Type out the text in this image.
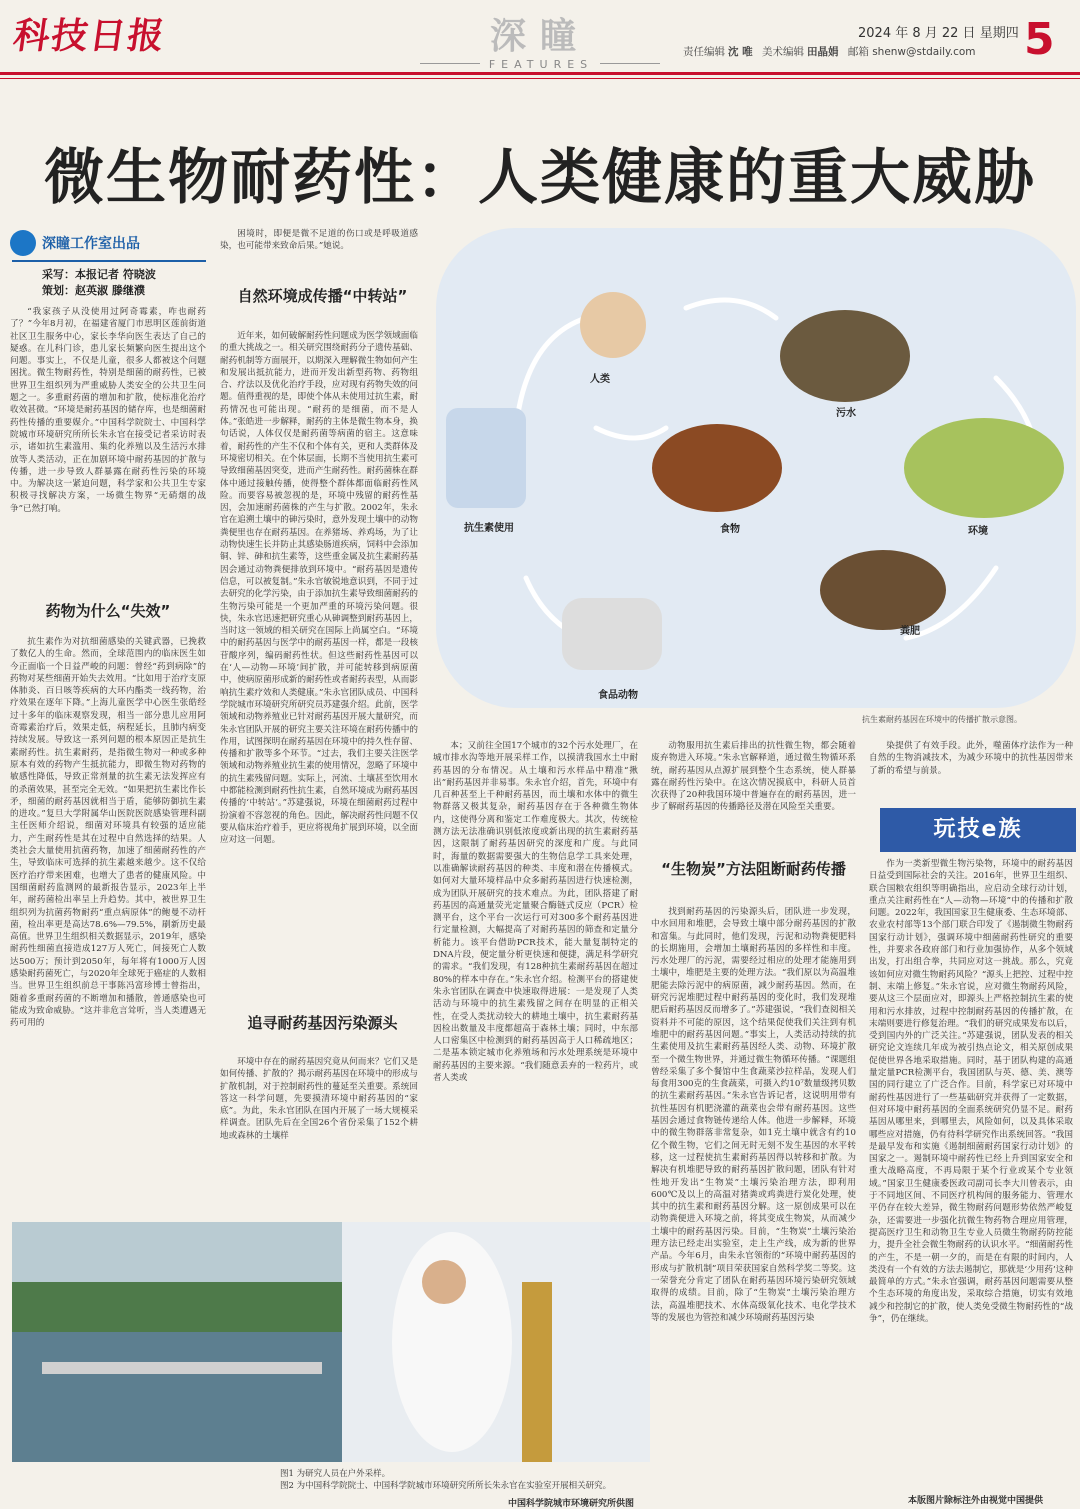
科技日报	深瞳
FEATURES
2024 年 8 月 22 日 星期四
责任编辑 沈 唯 美术编辑 田晶娟 邮箱 shenw@stdaily.com 5
微生物耐药性：人类健康的重大威胁
深瞳工作室出品
采写：本报记者 符晓波
策划：赵英淑 滕继濮
“我家孩子从没使用过阿奇霉素，咋也耐药了？”今年8月初，在福建省厦门市思明区莲前街道社区卫生服务中心，家长李华向医生表达了自己的疑惑。在儿科门诊，患儿家长频繁向医生提出这个问题。事实上，不仅是儿童，很多人都被这个问题困扰。微生物耐药性，特别是细菌的耐药性，已被世界卫生组织列为严重威胁人类安全的公共卫生问题之一。多重耐药菌的增加和扩散，使标准化治疗收效甚微。“环境是耐药基因的储存库，也是细菌耐药性传播的重要媒介。”中国科学院院士、中国科学院城市环境研究所所长朱永官在接受记者采访时表示，诸如抗生素滥用、集约化养殖以及生活污水排放等人类活动，正在加剧环境中耐药基因的扩散与传播，进一步导致人群暴露在耐药性污染的环境中。为解决这一紧迫问题，科学家和公共卫生专家积极寻找解决方案，一场微生物界“无硝烟的战争”已然打响。
药物为什么“失效”
抗生素作为对抗细菌感染的关键武器，已挽救了数亿人的生命。然而，全球范围内的临床医生如今正面临一个日益严峻的问题：曾经“药到病除”的药物对某些细菌开始失去效用。“比如用于治疗支原体肺炎、百日咳等疾病的大环内酯类一线药物，治疗效果在逐年下降。”上海儿童医学中心医生张皓经过十多年的临床观察发现，相当一部分患儿应用阿奇霉素治疗后，效果走低，病程延长，且肺内病变持续发展。导致这一系列问题的根本原因正是抗生素耐药性。抗生素耐药，是指微生物对一种或多种原本有效的药物产生抵抗能力，即微生物对药物的敏感性降低，导致正常剂量的抗生素无法发挥应有的杀菌效果，甚至完全无效。“如果把抗生素比作长矛，细菌的耐药基因就相当于盾，能够防御抗生素的进攻。”复旦大学附属华山医院医院感染管理科副主任医师介绍说，细菌对环境具有较强的适应能力，产生耐药性是其在过程中自然选择的结果。人类社会大量使用抗菌药物，加速了细菌耐药性的产生，导致临床可选择的抗生素越来越少。这不仅给医疗治疗带来困难，也增大了患者的健康风险。中国细菌耐药监测网的最新报告显示，2023年上半年，耐药菌检出率呈上升趋势。其中，被世界卫生组织列为抗菌药物耐药“重点病原体”的鲍曼不动杆菌，检出率更是高达78.6%—79.5%，刷新历史最高值。世界卫生组织相关数据显示，2019年，感染耐药性细菌直接造成127万人死亡，间接死亡人数达500万；预计到2050年，每年将有1000万人因感染耐药菌死亡，与2020年全球死于癌症的人数相当。世界卫生组织前总干事陈冯富珍博士曾指出，随着多重耐药菌的不断增加和播散，普通感染也可能成为致命威胁。“这并非危言耸听，当人类遭遇无药可用的
困境时，即便是微不足道的伤口或是呼吸道感染，也可能带来致命后果。”她说。
自然环境成传播“中转站”
近年来，如何破解耐药性问题成为医学领域面临的重大挑战之一。相关研究围绕耐药分子遗传基础、耐药机制等方面展开，以期深入理解微生物如何产生和发展出抵抗能力，进而开发出新型药物、药物组合、疗法以及优化治疗手段，应对现有药物失效的问题。值得重视的是，即使个体从未使用过抗生素，耐药情况也可能出现。“耐药的是细菌，而不是人体。”张皓进一步解释，耐药的主体是微生物本身，换句话说，人体仅仅是耐药菌等病菌的宿主。这意味着，耐药性的产生不仅和个体有关，更和人类群体及环境密切相关。在个体层面，长期不当使用抗生素可导致细菌基因突变，进而产生耐药性。耐药菌株在群体中通过接触传播，使得整个群体都面临耐药性风险。而要容易被忽视的是，环境中残留的耐药性基因，会加速耐药菌株的产生与扩散。2002年，朱永官在追溯土壤中的砷污染时，意外发现土壤中的动物粪便里也存在耐药基因。在养猪场、养鸡场，为了让动物快速生长并防止其感染肠道疾病，饲料中会添加铜、锌、砷和抗生素等，这些重金属及抗生素耐药基因会通过动物粪便排放到环境中。“耐药基因是遗传信息，可以被复制。”朱永官敏锐地意识到，不同于过去研究的化学污染，由于添加抗生素导致细菌耐药的生物污染可能是一个更加严重的环境污染问题。很快，朱永官迅速把研究重心从砷调整到耐药基因上，当时这一领域的相关研究在国际上尚属空白。“环境中的耐药基因与医学中的耐药基因一样，都是一段核苷酸序列，编码耐药性状。但这些耐药性基因可以在‘人—动物—环境’间扩散，并可能转移到病原菌中，使病原菌形成新的耐药性或者耐药表型，从而影响抗生素疗效和人类健康。”朱永官团队成员、中国科学院城市环境研究所研究员苏建强介绍。此前，医学领域和动物养殖业已针对耐药基因开展大量研究，而朱永官团队开展的研究主要关注环境在耐药传播中的作用，试图探明在耐药基因在环境中的持久性存留、传播和扩散等多个环节。“过去，我们主要关注医学领域和动物养殖业抗生素的使用情况，忽略了环境中的抗生素残留问题。实际上，河流、土壤甚至饮用水中都能检测到耐药性抗生素，自然环境成为耐药基因传播的‘中转站’。”苏建强说，环境在细菌耐药过程中扮演着不容忽视的角色。因此，解决耐药性问题不仅要从临床治疗着手，更应将视角扩展到环境，以全面应对这一问题。
追寻耐药基因污染源头
环境中存在的耐药基因究竟从何而来？它们又是如何传播、扩散的？揭示耐药基因在环境中的形成与扩散机制，对于控制耐药性的蔓延至关重要。系统回答这一科学问题，先要摸清环境中耐药基因的“家底”。为此，朱永官团队在国内开展了一场大规模采样调查。团队先后在全国26个省份采集了152个耕地或森林的土壤样
人类
污水
环境
粪肥
食品动物
抗生素使用	食物
抗生素耐药基因在环境中的传播扩散示意图。
本；又前往全国17个城市的32个污水处理厂，在城市排水沟等地开展采样工作，以摸清我国水土中耐药基因的分布情况。从土壤和污水样品中精准“揪出”耐药基因并非易事。朱永官介绍，首先，环境中有几百种甚至上千种耐药基因，而土壤和水体中的微生物群落又极其复杂，耐药基因存在于各种微生物体内，这使得分离和鉴定工作难度极大。其次，传统检测方法无法准确识别低浓度或新出现的抗生素耐药基因，这限制了耐药基因研究的深度和广度。与此同时，海量的数据需要强大的生物信息学工具来处理，以准确解读耐药基因的种类、丰度和潜在传播模式。如何对大量环境样品中众多耐药基因进行快速检测，成为团队开展研究的技术难点。为此，团队搭建了耐药基因的高通量荧光定量聚合酶链式反应（PCR）检测平台，这个平台一次运行可对300多个耐药基因进行定量检测，大幅提高了对耐药基因的筛查和定量分析能力。该平台借助PCR技术，能大量复制特定的DNA片段，便定量分析更快速和便捷，满足科学研究的需求。“我们发现，有128种抗生素耐药基因在超过80%的样本中存在。”朱永官介绍。检测平台的搭建使朱永官团队在调查中快速取得进展：一是发现了人类活动与环境中的抗生素残留之间存在明显的正相关性，在受人类扰动较大的耕地土壤中，抗生素耐药基因检出数量及丰度都超高于森林土壤；同时，中东部人口密集区中检测到的耐药基因高于人口稀疏地区；二是基本锁定城市化养殖场和污水处理系统是环境中耐药基因的主要来源。“我们随意丢弃的一粒药片，或者人类或
动物服用抗生素后排出的抗性微生物，都会随着废弃物进入环境。”朱永官解释道，通过微生物循环系统，耐药基因从点源扩展到整个生态系统，使人群暴露在耐药性污染中。在这次情况摸底中，科研人员首次获得了20种我国环境中普遍存在的耐药基因，进一步了解耐药基因的传播路径及潜在风险至关重要。
“生物炭”方法阻断耐药传播
找到耐药基因的污染源头后，团队进一步发现，中水回用和堆肥，会导致土壤中部分耐药基因的扩散和富集。与此同时，他们发现，污泥和动物粪便肥料的长期施用，会增加土壤耐药基因的多样性和丰度。污水处理厂的污泥，需要经过相应的处理才能施用到土壤中，堆肥是主要的处理方法。“我们原以为高温堆肥能去除污泥中的病原菌，减少耐药基因。然而，在研究污泥堆肥过程中耐药基因的变化时，我们发现堆肥后耐药基因反而增多了。”苏建强说，“我们查阅相关资料并不可能的原因，这个结果促使我们关注到有机堆肥中的耐药基因问题。”事实上，人类活动持续的抗生素使用及抗生素耐药基因经人类、动物、环境扩散至一个微生物世界，并通过微生物循环传播。“课题组曾经采集了多个餐馆中生食蔬菜沙拉样品，发现人们每食用300克的生食蔬菜，可摄入约10⁷数量级拷贝数的抗生素耐药基因。”朱永官告诉记者，这说明用带有抗性基因有机肥浇灌的蔬菜也会带有耐药基因。这些基因会通过食物链传递给人体。他进一步解释，环境中的微生物群落非常复杂，如1克土壤中就含有约10亿个微生物，它们之间无时无刻不发生基因的水平转移，这一过程使抗生素耐药基因得以转移和扩散。为解决有机堆肥导致的耐药基因扩散问题，团队有针对性地开发出“生物炭”土壤污染治理方法，即利用600℃及以上的高温对猪粪或鸡粪进行炭化处理，使其中的抗生素和耐药基因分解。这一原创成果可以在动物粪便进入环境之前，将其变成生物炭，从而减少土壤中的耐药基因污染。目前，“生物炭”土壤污染治理方法已经走出实验室，走上生产线，成为新的世界产品。今年6月，由朱永官领衔的“环境中耐药基因的形成与扩散机制”项目荣获国家自然科学奖二等奖。这一荣誉充分肯定了团队在耐药基因环境污染研究领域取得的成绩。目前，除了“生物炭”土壤污染治理方法，高温堆肥技术、水体高级氧化技术、电化学技术等的发展也为管控和减少环境耐药基因污染
染提供了有效手段。此外，噬菌体疗法作为一种自然的生物消减技术，为减少环境中的抗性基因带来了新的希望与前景。
玩技e族
作为一类新型微生物污染物，环境中的耐药基因日益受到国际社会的关注。2016年，世界卫生组织、联合国粮农组织等明确指出，应启动全球行动计划，重点关注耐药性在“人—动物—环境”中的传播和扩散问题。2022年，我国国家卫生健康委、生态环境部、农业农村部等13个部门联合印发了《遏制微生物耐药国家行动计划》，强调环境中细菌耐药性研究的重要性，并要求各政府部门和行业加强协作，从多个领域出发，打出组合拳，共同应对这一挑战。那么，究竟该如何应对微生物耐药风险？“源头上把控、过程中控制、末端上修复。”朱永官说，应对微生物耐药风险，要从这三个层面应对，即源头上严格控制抗生素的使用和污水排放，过程中控制耐药基因的传播扩散，在末端则要进行修复治理。“我们的研究成果发布以后，受到国内外的广泛关注。”苏建强说，团队发表的相关研究论文连续几年成为被引热点论文，相关原创成果促使世界各地采取措施。同时，基于团队构建的高通量定量PCR检测平台，我国团队与英、德、美、澳等国的同行建立了广泛合作。目前，科学家已对环境中耐药性基因进行了一些基础研究并获得了一定数据，但对环境中耐药基因的全面系统研究仍显不足。耐药基因从哪里来，到哪里去，风险如何，以及具体采取哪些应对措施，仍有待科学研究作出系统回答。“我国是最早发布和实施《遏制细菌耐药国家行动计划》的国家之一。遏制环境中耐药性已经上升到国家安全和重大战略高度，不再局限于某个行业或某个专业领域。”国家卫生健康委医政司副司长李大川曾表示，由于不同地区间、不同医疗机构间的服务能力、管理水平仍存在较大差异，微生物耐药问题形势依然严峻复杂，还需要进一步强化抗微生物药物合理应用管理，提高医疗卫生和动物卫生专业人员微生物耐药防控能力，提升全社会微生物耐药的认识水平。“细菌耐药性的产生，不是一朝一夕的，而是在有限的时间内，人类没有一个有效的方法去遏制它，那就是‘少用药’这种最简单的方式。”朱永官强调，耐药基因问题需要从整个生态环境的角度出发，采取综合措施，切实有效地减少和控制它的扩散，使人类免受微生物耐药性的“战争”，仍在继续。
图1 为研究人员在户外采样。
图2 为中国科学院院士、中国科学院城市环境研究所所长朱永官在实验室开展相关研究。
中国科学院城市环境研究所供图	本版图片除标注外由视觉中国提供
